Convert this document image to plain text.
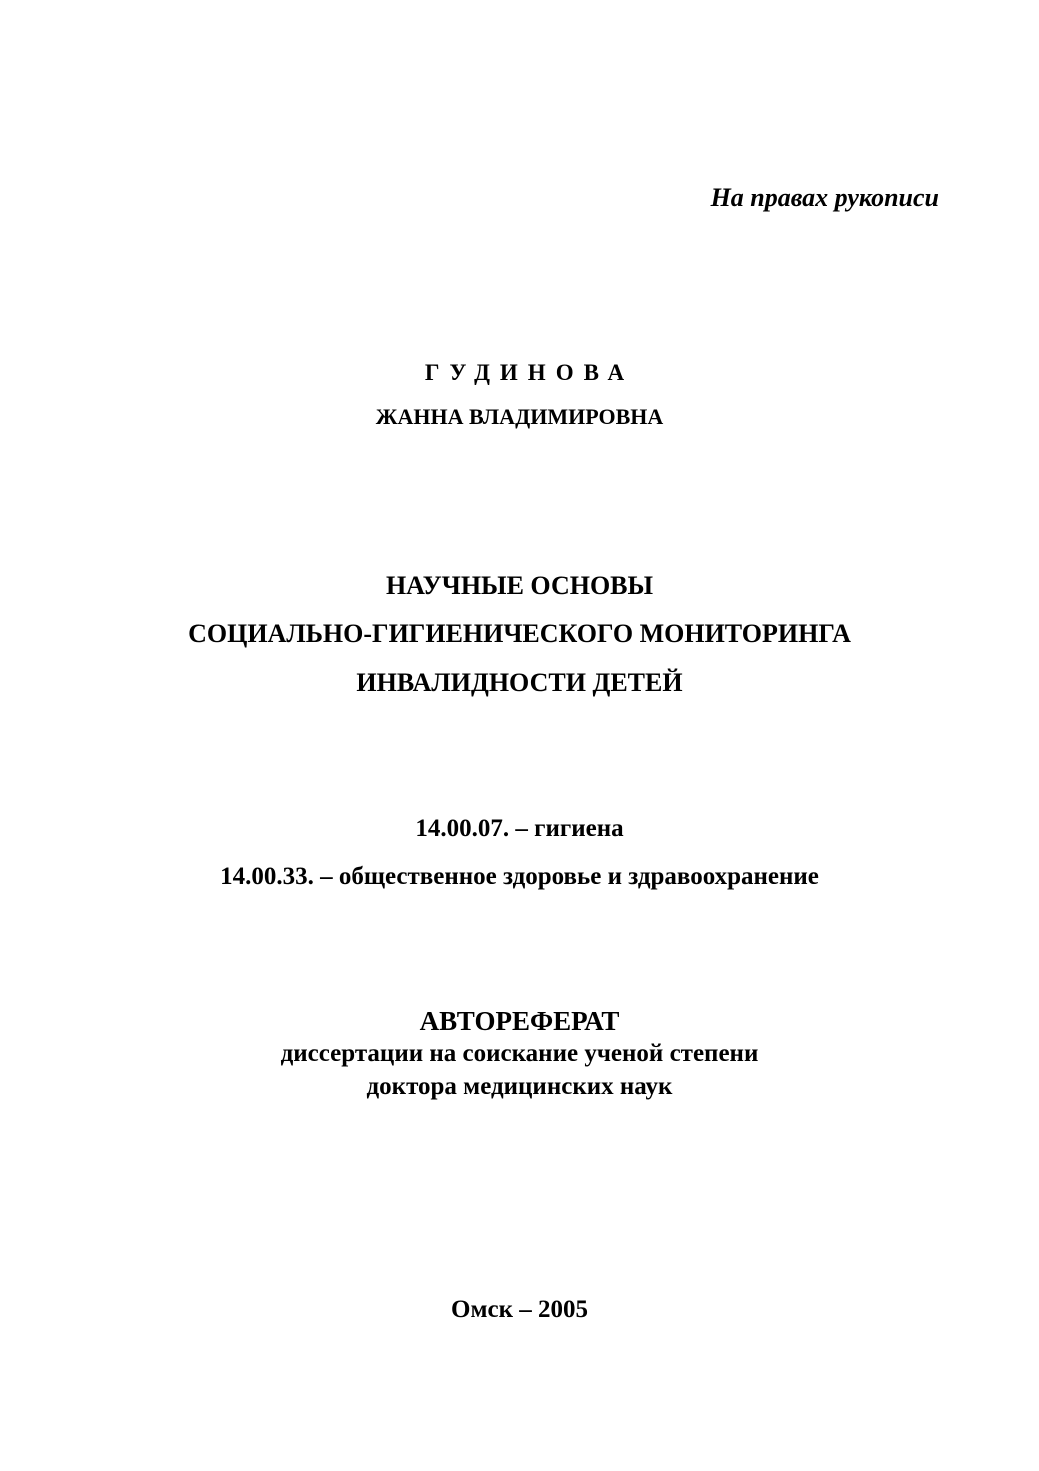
На правах рукописи
ГУДИНОВА
ЖАННА ВЛАДИМИРОВНА
НАУЧНЫЕ ОСНОВЫ
СОЦИАЛЬНО-ГИГИЕНИЧЕСКОГО МОНИТОРИНГА
ИНВАЛИДНОСТИ ДЕТЕЙ
14.00.07. – гигиена
14.00.33. – общественное здоровье и здравоохранение
АВТОРЕФЕРАТ
диссертации на соискание ученой степени
доктора медицинских наук
Омск – 2005
